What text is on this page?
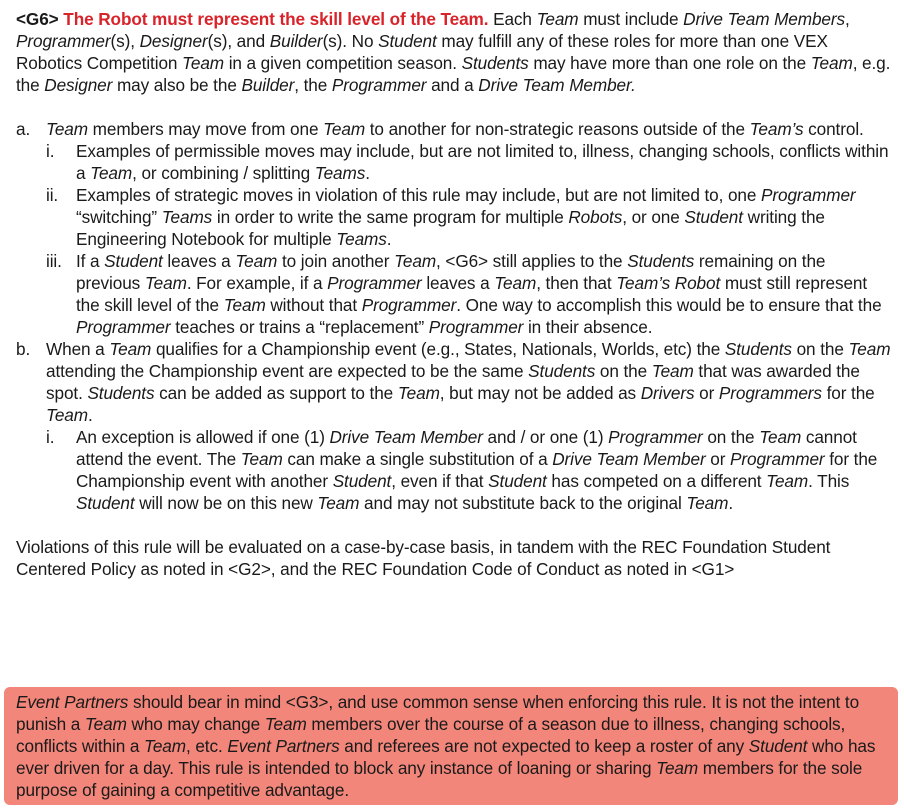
<G6> The Robot must represent the skill level of the Team. Each Team must include Drive Team Members, Programmer(s), Designer(s), and Builder(s). No Student may fulfill any of these roles for more than one VEX Robotics Competition Team in a given competition season. Students may have more than one role on the Team, e.g. the Designer may also be the Builder, the Programmer and a Drive Team Member.

a. Team members may move from one Team to another for non-strategic reasons outside of the Team’s control.

i. Examples of permissible moves may include, but are not limited to, illness, changing schools, conflicts within a Team, or combining / splitting Teams.

ii. Examples of strategic moves in violation of this rule may include, but are not limited to, one Programmer “switching” Teams in order to write the same program for multiple Robots, or one Student writing the Engineering Notebook for multiple Teams.

iii. If a Student leaves a Team to join another Team, <G6> still applies to the Students remaining on the previous Team. For example, if a Programmer leaves a Team, then that Team’s Robot must still represent the skill level of the Team without that Programmer. One way to accomplish this would be to ensure that the Programmer teaches or trains a “replacement” Programmer in their absence.

b. When a Team qualifies for a Championship event (e.g., States, Nationals, Worlds, etc) the Students on the Team attending the Championship event are expected to be the same Students on the Team that was awarded the spot. Students can be added as support to the Team, but may not be added as Drivers or Programmers for the Team.

i. An exception is allowed if one (1) Drive Team Member and / or one (1) Programmer on the Team cannot attend the event. The Team can make a single substitution of a Drive Team Member or Programmer for the Championship event with another Student, even if that Student has competed on a different Team. This Student will now be on this new Team and may not substitute back to the original Team.

Violations of this rule will be evaluated on a case-by-case basis, in tandem with the REC Foundation Student Centered Policy as noted in <G2>, and the REC Foundation Code of Conduct as noted in <G1>

Event Partners should bear in mind <G3>, and use common sense when enforcing this rule. It is not the intent to punish a Team who may change Team members over the course of a season due to illness, changing schools, conflicts within a Team, etc. Event Partners and referees are not expected to keep a roster of any Student who has ever driven for a day. This rule is intended to block any instance of loaning or sharing Team members for the sole purpose of gaining a competitive advantage.
